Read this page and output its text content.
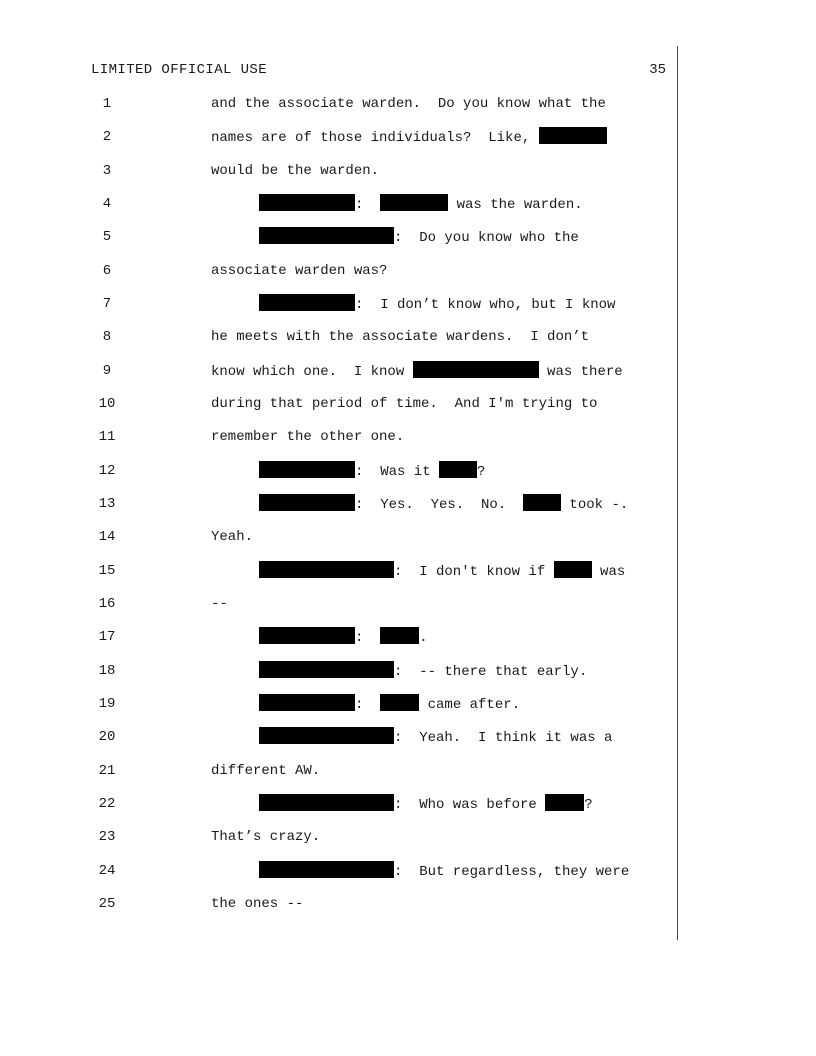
LIMITED OFFICIAL USE	35
1	and the associate warden.  Do you know what the
2	names are of those individuals?  Like,
3	would be the warden.
4	:	was the warden.
5	:  Do you know who the
6	associate warden was?
7	:  I don’t know who, but I know
8	he meets with the associate wardens.  I don’t
9	know which one.  I know	was there
10	during that period of time.  And I'm trying to
11	remember the other one.
12	:  Was it	?
13	:  Yes.  Yes.  No.	took -.
14	Yeah.
15	:  I don't know if	was
16	--
17	:	.
18	:  -- there that early.
19	:	came after.
20	:  Yeah.  I think it was a
21	different AW.
22	:  Who was before	?
23	That’s crazy.
24	:  But regardless, they were
25	the ones --
